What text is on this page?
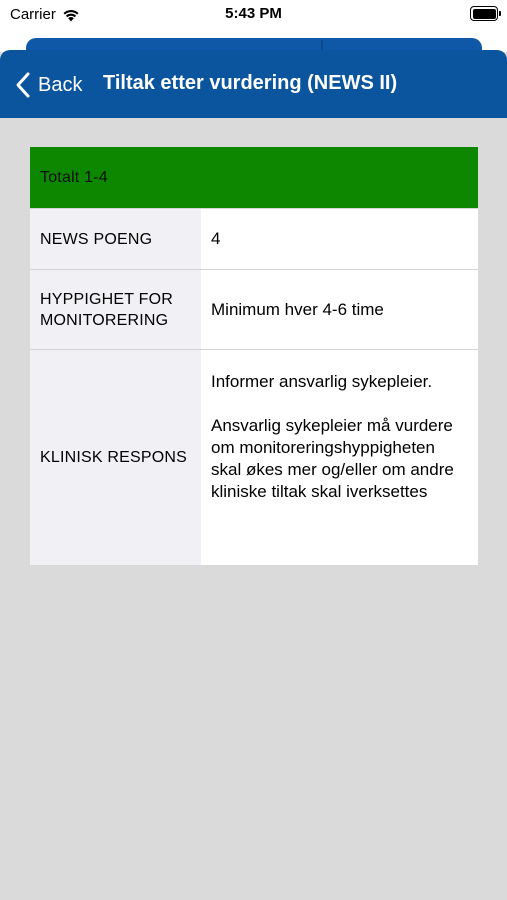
Carrier	5:43 PM
Back Tiltak etter vurdering (NEWS II)
Totalt 1-4
NEWS POENG	4
HYPPIGHET FOR MONITORERING
Minimum hver 4-6 time
KLINISK RESPONS

Informer ansvarlig sykepleier.

Ansvarlig sykepleier må vurdere om monitoreringshyppigheten skal økes mer og/eller om andre kliniske tiltak skal iverksettes
